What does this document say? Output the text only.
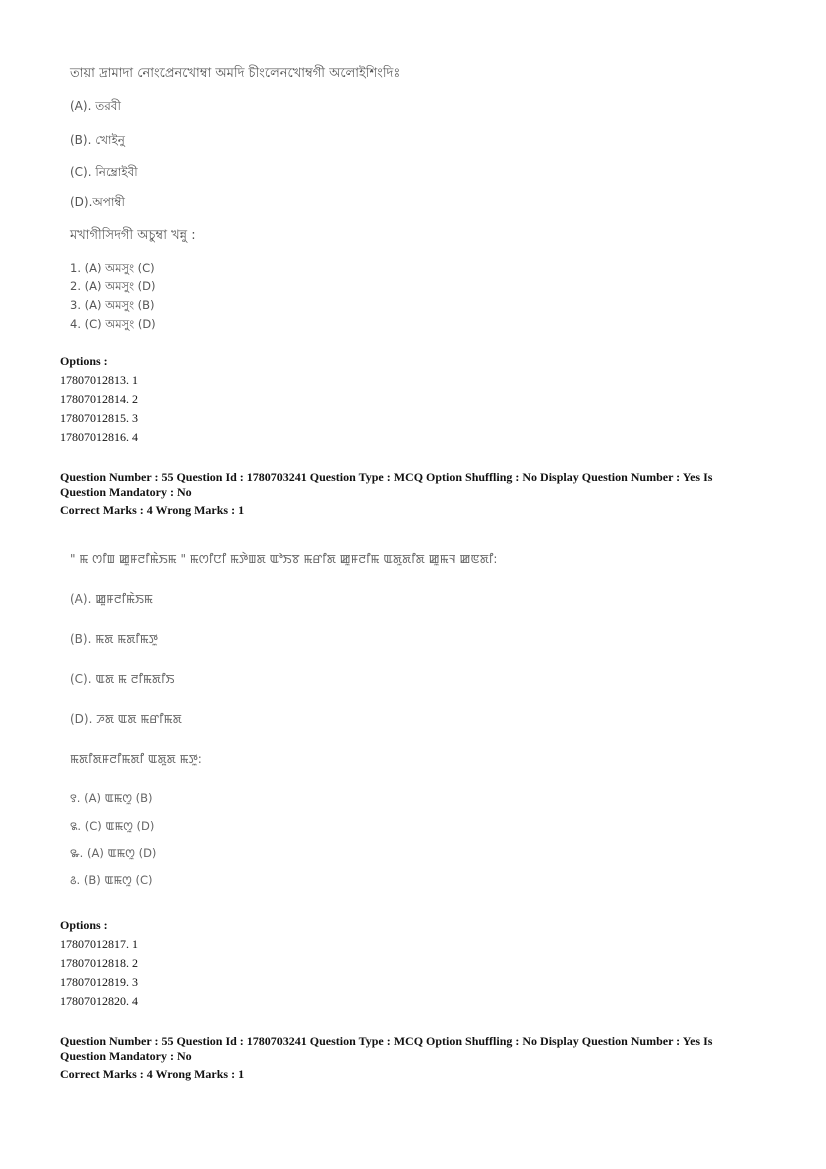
তায়া দ্রামাদা নোংপ্রেনখোম্বা অমদি চীংলেনখোম্বগী অলোইশিংদিঃ
(A). তরবী
(B). খোইনু
(C). নিম্ব্রোইবী
(D).অপাম্বী
মখাগীসিদগী অচুম্বা খন্নু :
1. (A) অমসুং (C)
2. (A) অমসুং (D)
3. (A) অমসুং (B)
4. (C) অমসুং (D)
Options :
17807012813. 1
17807012814. 2
17807012815. 3
17807012816. 4

Question Number : 55 Question Id : 1780703241 Question Type : MCQ Option Shuffling : No Display Question Number : Yes Is

Question Mandatory : No

Correct Marks : 4 Wrong Marks : 1

" ꯃ ꯁꯤꯡ ꯀꯨꯝꯂꯤꯃꯥꯏꯃ " ꯃꯁꯤꯅꯤ ꯃꯇꯥꯡꯗ ꯑꯣꯏꯕ ꯃꯔꯤꯗ ꯀꯨꯝꯂꯤꯃ ꯑꯗꯨꯗꯤꯗ ꯀꯨꯃꯜ ꯀꯟꯗꯤ:
(A). ꯀꯨꯝꯂꯤꯃꯥꯏꯃ
(B). ꯃꯗ ꯃꯗꯤꯃꯇꯨ
(C). ꯑꯗ ꯃ ꯂꯤꯃꯗꯤꯏ
(D). ꯍꯗ ꯑꯗ ꯃꯔꯤꯃꯗ
ꯃꯗꯤꯗꯝꯂꯤꯃꯗꯤ ꯑꯗꯨꯗ ꯃꯇꯨ:
꯱. (A) ꯑꯃꯁꯨ (B)
꯲. (C) ꯑꯃꯁꯨ (D)
꯳. (A) ꯑꯃꯁꯨ (D)
꯴. (B) ꯑꯃꯁꯨ (C)
Options :
17807012817. 1
17807012818. 2
17807012819. 3
17807012820. 4

Question Number : 55 Question Id : 1780703241 Question Type : MCQ Option Shuffling : No Display Question Number : Yes Is

Question Mandatory : No

Correct Marks : 4 Wrong Marks : 1
